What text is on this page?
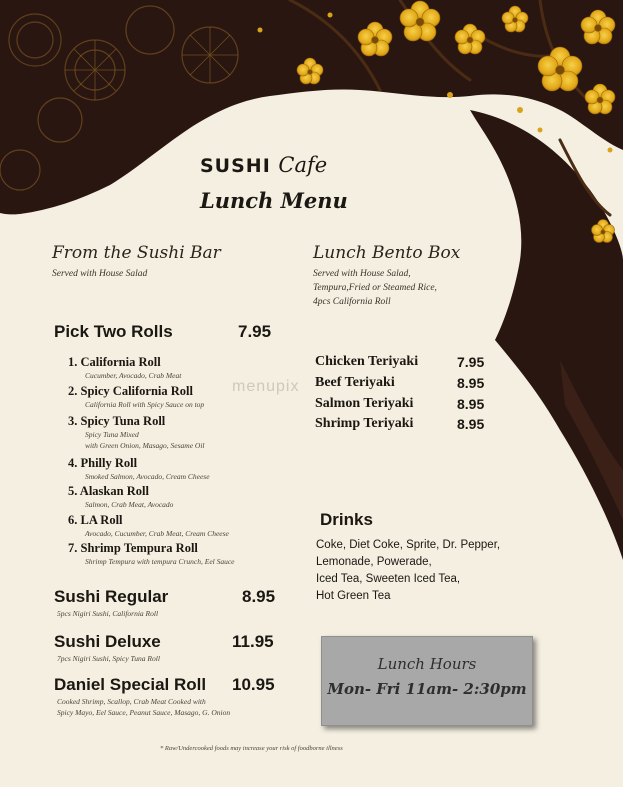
SUSHI Cafe
Lunch Menu
From the Sushi Bar
Served with House Salad
Pick Two Rolls	7.95
1. California Roll
Cucumber, Avocado, Crab Meat
2. Spicy California Roll
California Roll with Spicy Sauce on top
3. Spicy Tuna Roll
Spicy Tuna Mixed
with Green Onion, Masago, Sesame Oil
4. Philly Roll
Smoked Salmon, Avocado, Cream Cheese
5. Alaskan Roll
Salmon, Crab Meat, Avocado
6. LA Roll
Avocado, Cucumber, Crab Meat, Cream Cheese
7. Shrimp Tempura Roll
Shrimp Tempura with tempura Crunch, Eel Sauce
Sushi Regular	8.95
5pcs Nigiri Sushi, California Roll
Sushi Deluxe	11.95
7pcs Nigiri Sushi, Spicy Tuna Roll
Daniel Special Roll 10.95
Cooked Shrimp, Scallop, Crab Meat Cooked with
Spicy Mayo, Eel Sauce, Peanut Sauce, Masago, G. Onion
Lunch Bento Box
Served with House Salad,
Tempura,Fried or Steamed Rice,
4pcs California Roll
menupix
Chicken Teriyaki	7.95
Beef Teriyaki	8.95
Salmon Teriyaki	8.95
Shrimp Teriyaki	8.95
Drinks
Coke, Diet Coke, Sprite, Dr. Pepper,
Lemonade, Powerade,
Iced Tea, Sweeten Iced Tea,
Hot Green Tea
Lunch Hours
Mon- Fri 11am- 2:30pm
* Raw/Undercooked foods may increase your risk of foodborne illness
